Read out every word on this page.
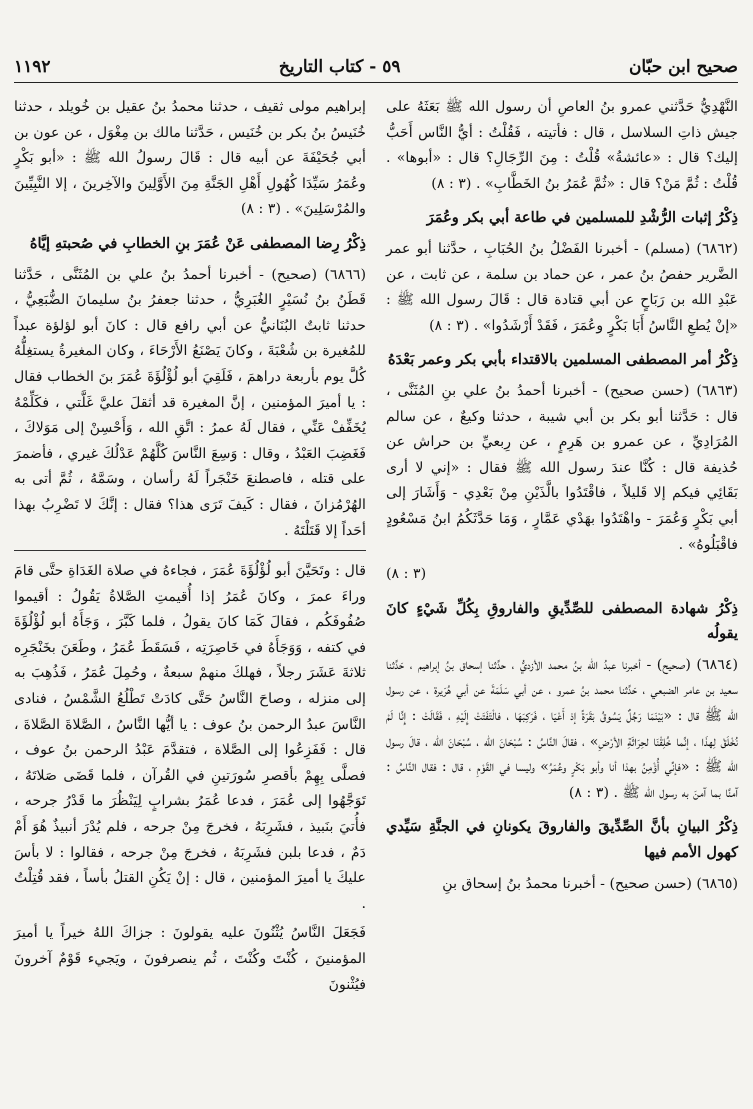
١١٩٢	٥٩ - كتاب التاريخ	صحيح ابن حبّان

النَّهْدِيُّ حَدَّثني عمرو بنُ العاصِ أن رسول الله ﷺ بَعَثَهُ على جيش ذاتِ السلاسل ، قال : فأتيته ، فَقُلْتُ : أيُّ النَّاس أَحَبُّ إليك؟ قال : «عائشةُ» قُلْتُ : مِنَ الرِّجَالِ؟ قال : «أبوها» . قُلْتُ : ثُمَّ مَنْ؟ قال : «ثُمَّ عُمَرُ بنُ الخَطَّابِ» . (٣ : ٨)

ذِكْرُ إثبات الرُّشْدِ للمسلمين في طاعة أبي بكر وعُمَرَ

(٦٨٦٢) (مسلم) - أخبرنا الفَضْلُ بنُ الحُبَابِ ، حدَّثنا أبو عمر الضَّرير حفصُ بنُ عمر ، عن حماد بن سلمة ، عن ثابت ، عن عَبْدِ الله بن رَبَاحٍ عن أبي قتادة قال : قَالَ رسول الله ﷺ : «إنْ يُطعِ النَّاسُ أَبَا بَكْرٍ وعُمَرَ ، فَقَدْ أَرْشَدُوا» . (٣ : ٨)

ذِكْرُ أمر المصطفى المسلمين بالاقتداء بأبي بكر وعمر بَعْدَهُ

(٦٨٦٣) (حسن صحيح) - أخبرنا أحمدُ بنُ علي بنِ المُثَنَّى ، قال : حَدَّثنا أبو بكر بن أبي شيبة ، حدثنا وكيعٌ ، عن سالم المُرَادِيِّ ، عن عمرو بن هَرِمٍ ، عن رِبعيِّ بن حراش عن حُذيفة قال : كُنَّا عندَ رسول الله ﷺ فقال : «إني لا أرى بَقَائِي فيكم إلا قَليلاً ، فاقْتَدُوا بالَّذَيْنِ مِنْ بَعْدِي - وَأَشَارَ إلى أبي بَكْرٍ وَعُمَرَ - واهْتَدُوا بهَدْي عَمَّارٍ ، وَمَا حَدَّثَكُمُ ابنُ مَسْعُودٍ فاقْبَلُوهُ» .

(٣ : ٨)

ذِكْرُ شهادة المصطفى للصِّدِّيقِ والفاروقِ بِكُلِّ شَيْءٍ كانَ يقولُه

(٦٨٦٤) (صحيح) - أخبرنا عبدُ الله بنُ محمد الأزديُّ ، حدَّثنا إسحاق بنُ إبراهيم ، حَدَّثنا سعيد بن عامر الضبعي ، حَدَّثنا محمد بنُ عمرو ، عن أبي سَلَمَةَ عن أبي هُرَيرة ، عن رسول الله ﷺ قال : «بَيْنَمَا رَجُلٌ يَسُوقُ بَقَرَةً إذ أَعْيَا ، فَرَكِبَهَا ، فالْتَفَتَتْ إِلَيْهِ ، فَقَالَتْ : إِنَّا لَمْ نُخْلَقْ لِهذَا ، إنَّما خُلِقْنَا لحِرَاثَةِ الأرْضِ» ، فقالَ النَّاسُ : سُبْحَانَ الله ، سُبْحَانَ الله ، قالَ رسول الله ﷺ : «فإنِّي أُؤْمِنُ بهذا أنا وأبو بَكْرٍ وعُمَرُ» وليسا في القَوْمِ ، قال : فقال النَّاسُ : آمنَّا بما آمنَ به رسول الله ﷺ . (٣ : ٨)

ذِكْرُ البيانِ بأنَّ الصِّدِّيقَ والفاروقَ يكونانِ في الجنَّةِ سَيِّدي كهول الأمم فيها

(٦٨٦٥) (حسن صحيح) - أخبرنا محمدُ بنُ إسحاق بنِ

إبراهيم مولى ثقيف ، حدثنا محمدُ بنُ عقيل بن خُويلد ، حدثنا خُنَيسُ بنُ بكر بن خُنَيس ، حَدَّثنا مالك بن مِغْوَل ، عن عون بن أبي جُحَيْفَةَ عن أبيه قال : قَالَ رسولُ الله ﷺ : «أبو بَكْرٍ وعُمَرُ سَيِّدَا كُهُولِ أَهْلِ الجَنَّةِ مِنَ الأَوَّلِينَ والآخِرينَ ، إلا النَّبِيِّينَ والمُرْسَلِينَ» . (٣ : ٨)

ذِكْرُ رِضا المصطفى عَنْ عُمَرَ بنِ الخطابِ في صُحبتهِ إيَّاهُ

(٦٨٦٦) (صحيح) - أخبرنا أحمدُ بنُ علي بن المُثَنَّى ، حَدَّثنا قَطَنُ بنُ نُسَيْرٍ الغُبَرِيُّ ، حدثنا جعفرُ بنُ سليمانَ الضُّبَعِيُّ ، حدثنا ثابتٌ البُنَانيُّ عن أبي رافع قال : كانَ أبو لؤلؤة عبداً للمُغيرة بن شُعْبَةَ ، وكانَ يَصْنَعُ الأَرْحَاءَ ، وكان المغيرةُ يستغِلُّهُ كُلَّ يوم بأربعة دراهمَ ، فَلَقِيَ أبو لُؤْلُؤَةَ عُمَرَ بنَ الخطاب فقال : يا أميرَ المؤمنين ، إنَّ المغيرة قد أثقلَ عليَّ غَلَّتي ، فكَلِّمْهُ يُخَفِّفْ عَنِّي ، فقال لَهُ عمرُ : اتَّقِ الله ، وَأَحْسِنْ إلى مَوَلاكَ ، فَغَضِبَ العَبْدُ ، وقال : وَسِعَ النَّاسَ كُلَّهُمْ عَدْلُكَ غيري ، فأضمرَ على قتله ، فاصطنعَ خَنْجَراً لَهُ رأسان ، وسَمَّهُ ، ثُمَّ أتى به الهُرْمُزانَ ، فقال : كَيفَ تَرَى هذا؟ فقال : إنَّكَ لا تَضْرِبُ بهذا أحَداً إلا قَتَلْتَهُ .

قال : وتَحَيَّنَ أبو لُؤْلُؤَةَ عُمَرَ ، فجاءهُ في صلاة الغَدَاةِ حتَّى قامَ وراءَ عمرَ ، وكانَ عُمَرُ إذا أُقيمتِ الصَّلاةُ يَقُولُ : أقيموا صُفُوفَكُم ، فقالَ كَمَا كانَ يقولُ ، فلما كَبَّرَ ، وَجَأَهُ أبو لُؤْلُؤَةَ في كتفه ، وَوَجَأَهُ في خَاصِرَتِه ، فَسَقَطَ عُمَرُ ، وطَعَنَ بخَنْجَرِه ثلاثةَ عَشَرَ رجلاً ، فهلكَ منهمْ سبعةٌ ، وحُمِلَ عُمَرُ ، فَذُهِبَ به إلى منزله ، وصاحَ النَّاسُ حَتَّى كادَتْ تَطْلُعُ الشَّمْسُ ، فنادى النَّاسَ عبدُ الرحمن بنُ عوف : يا أيُّها النَّاسُ ، الصَّلاةَ الصَّلاةَ ، قال : فَفَزِعُوا إلى الصَّلاة ، فتقدَّمَ عَبْدُ الرحمن بنُ عوف ، فصلَّى بِهِمْ بأقصرِ سُورَتينِ في القُرآن ، فلما قَضَى صَلاتَهُ ، تَوَجَّهُوا إلى عُمَرَ ، فدعا عُمَرُ بشرابٍ لِيَنْظُرَ ما قَدْرُ جرحه ، فأُتيَ بنَبيذ ، فشَرِبَهُ ، فخرجَ مِنْ جرحه ، فلم يُدْرَ أنبيذٌ هُوَ أَمْ دَمٌ ، فدعا بلبن فشَرِبَهُ ، فخرجَ مِنْ جرحه ، فقالوا : لا بأسَ عليكَ يا أميرَ المؤمنين ، قال : إنْ يَكُنِ القتلُ بأساً ، فقد قُتِلْتُ .

فَجَعَلَ النَّاسُ يُثْنُونَ عليه يقولونَ : جزاكَ اللهُ خيراً يا أميرَ المؤمنينَ ، كُنْتَ وكُنْتَ ، ثُم ينصرفونَ ، ويَجيء قَوْمٌ آخرونَ فيُثْنونَ
